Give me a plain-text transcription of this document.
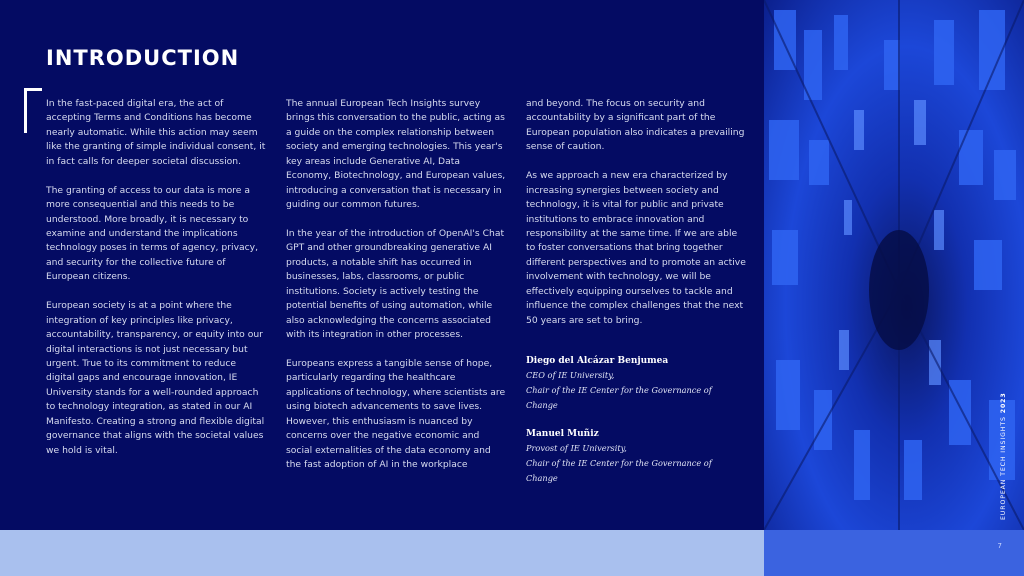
INTRODUCTION

In the fast-paced digital era, the act of accepting Terms and Conditions has become nearly automatic. While this action may seem like the granting of simple individual consent, it in fact calls for deeper societal discussion.

The granting of access to our data is more a more consequential and this needs to be understood. More broadly, it is necessary to examine and understand the implications technology poses in terms of agency, privacy, and security for the collective future of European citizens.

European society is at a point where the integration of key principles like privacy, accountability, transparency, or equity into our digital interactions is not just necessary but urgent. True to its commitment to reduce digital gaps and encourage innovation, IE University stands for a well-rounded approach to technology integration, as stated in our AI Manifesto. Creating a strong and flexible digital governance that aligns with the societal values we hold is vital.

The annual European Tech Insights survey brings this conversation to the public, acting as a guide on the complex relationship between society and emerging technologies. This year's key areas include Generative AI, Data Economy, Biotechnology, and European values, introducing a conversation that is necessary in guiding our common futures.

In the year of the introduction of OpenAI's Chat GPT and other groundbreaking generative AI products, a notable shift has occurred in businesses, labs, classrooms, or public institutions. Society is actively testing the potential benefits of using automation, while also acknowledging the concerns associated with its integration in other processes.

Europeans express a tangible sense of hope, particularly regarding the healthcare applications of technology, where scientists are using biotech advancements to save lives. However, this enthusiasm is nuanced by concerns over the negative economic and social externalities of the data economy and the fast adoption of AI in the workplace

and beyond. The focus on security and accountability by a significant part of the European population also indicates a prevailing sense of caution.

As we approach a new era characterized by increasing synergies between society and technology, it is vital for public and private institutions to embrace innovation and responsibility at the same time. If we are able to foster conversations that bring together different perspectives and to promote an active involvement with technology, we will be effectively equipping ourselves to tackle and influence the complex challenges that the next 50 years are set to bring.

Diego del Alcázar Benjumea
CEO of IE University,
Chair of the IE Center for the Governance of Change
Manuel Muñiz
Provost of IE University,
Chair of the IE Center for the Governance of Change
7
EUROPEAN TECH INSIGHTS 2023
